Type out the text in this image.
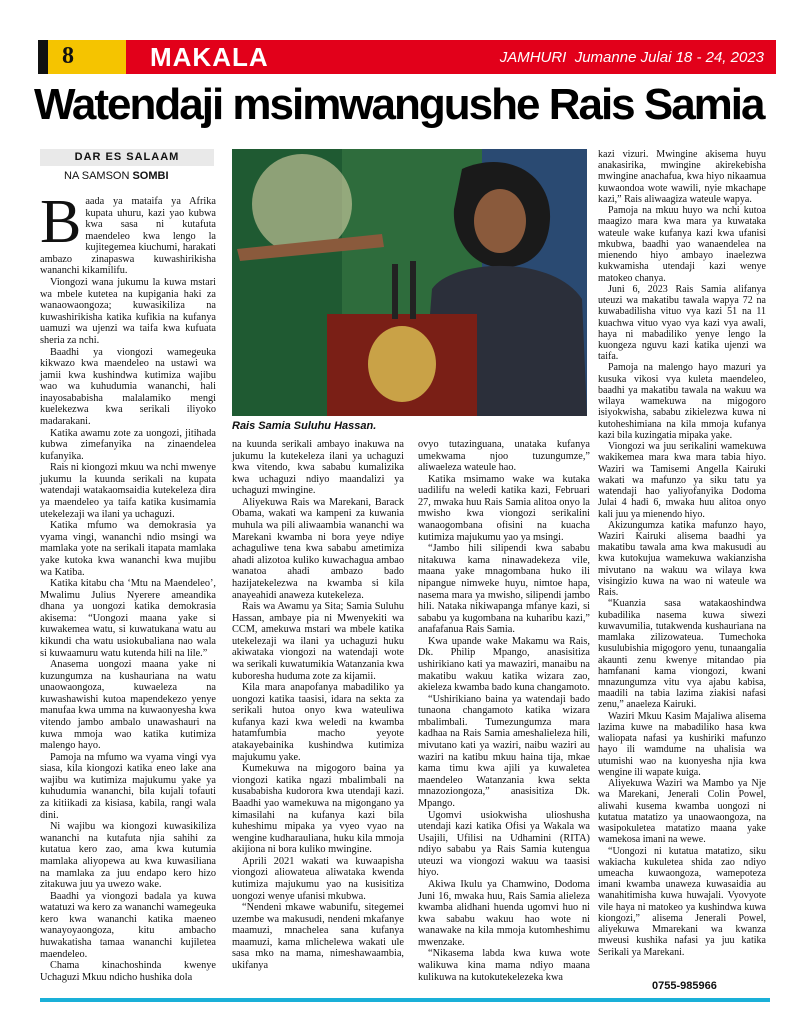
8	MAKALA	JAMHURI Jumanne Julai 18 - 24, 2023
Watendaji msimwangushe Rais Samia
DAR ES SALAAM
NA SAMSON SOMBI
Rais Samia Suluhu Hassan.

Baada ya mataifa ya Afrika kupata uhuru, kazi yao kubwa kwa sasa ni kutafuta maendeleo kwa lengo la kujitegemea kiuchumi, harakati ambazo zinapaswa kuwashirikisha wananchi kikamilifu.

Viongozi wana jukumu la kuwa mstari wa mbele kutetea na kupigania haki za wanaowaongoza; kuwasikiliza na kuwashirikisha katika kufikia na kufanya uamuzi wa ujenzi wa taifa kwa kufuata sheria za nchi.

Baadhi ya viongozi wamegeuka kikwazo kwa maendeleo na ustawi wa jamii kwa kushindwa kutimiza wajibu wao wa kuhudumia wananchi, hali inayosababisha malalamiko mengi kuelekezwa kwa serikali iliyoko madarakani.

Katika awamu zote za uongozi, jitihada kubwa zimefanyika na zinaendelea kufanyika.

Rais ni kiongozi mkuu wa nchi mwenye jukumu la kuunda serikali na kupata watendaji watakaomsaidia kutekeleza dira ya maendeleo ya taifa katika kusimamia utekelezaji wa ilani ya uchaguzi.

Katika mfumo wa demokrasia ya vyama vingi, wananchi ndio msingi wa mamlaka yote na serikali itapata mamlaka yake kutoka kwa wananchi kwa mujibu wa Katiba.

Katika kitabu cha ‘Mtu na Maendeleo’, Mwalimu Julius Nyerere ameandika dhana ya uongozi katika demokrasia akisema: “Uongozi maana yake si kuwakemea watu, si kuwatukana watu au kikundi cha watu usiokubaliana nao wala si kuwaamuru watu kutenda hili na lile.”

Anasema uongozi maana yake ni kuzungumza na kushauriana na watu unaowaongoza, kuwaeleza na kuwashawishi kutoa mapendekezo yenye manufaa kwa umma na kuwaonyesha kwa vitendo jambo ambalo unawashauri na kuwa mmoja wao katika kutimiza malengo hayo.

Pamoja na mfumo wa vyama vingi vya siasa, kila kiongozi katika eneo lake ana wajibu wa kutimiza majukumu yake ya kuhudumia wananchi, bila kujali tofauti za kitiikadi za kisiasa, kabila, rangi wala dini.

Ni wajibu wa kiongozi kuwasikiliza wananchi na kutafuta njia sahihi za kutatua kero zao, ama kwa kutumia mamlaka aliyopewa au kwa kuwasiliana na mamlaka za juu endapo kero hizo zitakuwa juu ya uwezo wake.

Baadhi ya viongozi badala ya kuwa watatuzi wa kero za wananchi wamegeuka kero kwa wananchi katika maeneo wanayoyaongoza, kitu ambacho huwakatisha tamaa wananchi kujiletea maendeleo.

Chama kinachoshinda kwenye Uchaguzi Mkuu ndicho hushika dola

na kuunda serikali ambayo inakuwa na jukumu la kutekeleza ilani ya uchaguzi kwa vitendo, kwa sababu kumalizika kwa uchaguzi ndiyo maandalizi ya uchaguzi mwingine.

Aliyekuwa Rais wa Marekani, Barack Obama, wakati wa kampeni za kuwania muhula wa pili aliwaambia wananchi wa Marekani kwamba ni bora yeye ndiye achaguliwe tena kwa sababu ametimiza ahadi alizotoa kuliko kuwachagua ambao wanatoa ahadi ambazo bado hazijatekelezwa na kwamba si kila anayeahidi anaweza kutekeleza.

Rais wa Awamu ya Sita; Samia Suluhu Hassan, ambaye pia ni Mwenyekiti wa CCM, amekuwa mstari wa mbele katika utekelezaji wa ilani ya uchaguzi huku akiwataka viongozi na watendaji wote wa serikali kuwatumikia Watanzania kwa kuboresha huduma zote za kijamii.

Kila mara anapofanya mabadiliko ya uongozi katika taasisi, idara na sekta za serikali hutoa onyo kwa wateuliwa kufanya kazi kwa weledi na kwamba hatamfumbia macho yeyote atakayebainika kushindwa kutimiza majukumu yake.

Kumekuwa na migogoro baina ya viongozi katika ngazi mbalimbali na kusababisha kudorora kwa utendaji kazi. Baadhi yao wamekuwa na migongano ya kimasilahi na kufanya kazi bila kuheshimu mipaka ya vyeo vyao na wengine kudharauliana, huku kila mmoja akijiona ni bora kuliko mwingine.

Aprili 2021 wakati wa kuwaapisha viongozi aliowateua aliwataka kwenda kutimiza majukumu yao na kusisitiza uongozi wenye ufanisi mkubwa.

“Nendeni mkawe wabunifu, sitegemei uzembe wa makusudi, nendeni mkafanye maamuzi, mnachelea sana kufanya maamuzi, kama mlichelewa wakati ule sasa mko na mama, nimeshawaambia, ukifanya

ovyo tutazinguana, unataka kufanya umekwama njoo tuzungumze,” aliwaeleza wateule hao.

Katika msimamo wake wa kutaka uadilifu na weledi katika kazi, Februari 27, mwaka huu Rais Samia alitoa onyo la mwisho kwa viongozi serikalini wanaogombana ofisini na kuacha kutimiza majukumu yao ya msingi.

“Jambo hili silipendi kwa sababu nitakuwa kama ninawadekeza vile, maana yake mnagombana huko ili nipangue nimweke huyu, nimtoe hapa, nasema mara ya mwisho, silipendi jambo hili. Nataka nikiwapanga mfanye kazi, si sababu ya kugombana na kuharibu kazi,” anafafanua Rais Samia.

Kwa upande wake Makamu wa Rais, Dk. Philip Mpango, anasisitiza ushirikiano kati ya mawaziri, manaibu na makatibu wakuu katika wizara zao, akieleza kwamba bado kuna changamoto.

“Ushirikiano baina ya watendaji bado tunaona changamoto katika wizara mbalimbali. Tumezungumza mara kadhaa na Rais Samia ameshalieleza hili, mivutano kati ya waziri, naibu waziri au waziri na katibu mkuu haina tija, mkae kama timu kwa ajili ya kuwaletea maendeleo Watanzania kwa sekta mnazoziongoza,” anasisitiza Dk. Mpango.

Ugomvi usiokwisha ulioshusha utendaji kazi katika Ofisi ya Wakala wa Usajili, Ufilisi na Udhamini (RITA) ndiyo sababu ya Rais Samia kutengua uteuzi wa viongozi wakuu wa taasisi hiyo.

Akiwa Ikulu ya Chamwino, Dodoma Juni 16, mwaka huu, Rais Samia alieleza kwamba alidhani huenda ugomvi huo ni kwa sababu wakuu hao wote ni wanawake na kila mmoja kutomheshimu mwenzake.

“Nikasema labda kwa kuwa wote walikuwa kina mama ndiyo maana kulikuwa na kutokutekelezeka kwa

kazi vizuri. Mwingine akisema huyu anakasirika, mwingine akirekebisha mwingine anachafua, kwa hiyo nikaamua kuwaondoa wote wawili, nyie mkachape kazi,” Rais aliwaagiza wateule wapya.

Pamoja na mkuu huyo wa nchi kutoa maagizo mara kwa mara ya kuwataka wateule wake kufanya kazi kwa ufanisi mkubwa, baadhi yao wanaendelea na mienendo hiyo ambayo inaelezwa kukwamisha utendaji kazi wenye matokeo chanya.

Juni 6, 2023 Rais Samia alifanya uteuzi wa makatibu tawala wapya 72 na kuwabadilisha vituo vya kazi 51 na 11 kuachwa vituo vyao vya kazi vya awali, haya ni mabadiliko yenye lengo la kuongeza nguvu kazi katika ujenzi wa taifa.

Pamoja na malengo hayo mazuri ya kusuka vikosi vya kuleta maendeleo, baadhi ya makatibu tawala na wakuu wa wilaya wamekuwa na migogoro isiyokwisha, sababu zikielezwa kuwa ni kutoheshimiana na kila mmoja kufanya kazi bila kuzingatia mipaka yake.

Viongozi wa juu serikalini wamekuwa wakikemea mara kwa mara tabia hiyo. Waziri wa Tamisemi Angella Kairuki wakati wa mafunzo ya siku tatu ya watendaji hao yaliyofanyika Dodoma Julai 4 hadi 6, mwaka huu alitoa onyo kali juu ya mienendo hiyo.

Akizungumza katika mafunzo hayo, Waziri Kairuki alisema baadhi ya makatibu tawala ama kwa makusudi au kwa kutokujua wamekuwa wakianzisha mivutano na wakuu wa wilaya kwa visingizio kuwa na wao ni wateule wa Rais.

“Kuanzia sasa watakaoshindwa kubadilika nasema kuwa siwezi kuwavumilia, tutakwenda kushauriana na mamlaka zilizowateua. Tumechoka kusulubishia migogoro yenu, tunaangalia akaunti zenu kwenye mitandao pia hamfanani kama viongozi, kwani mnazungumza vitu vya ajabu kabisa, maadili na tabia lazima ziakisi nafasi zenu,” anaeleza Kairuki.

Waziri Mkuu Kasim Majaliwa alisema lazima kuwe na mabadiliko hasa kwa waliopata nafasi ya kushiriki mafunzo hayo ili wamdume na uhalisia wa utumishi wao na kuonyesha njia kwa wengine ili wapate kuiga.

Aliyekuwa Waziri wa Mambo ya Nje wa Marekani, Jenerali Colin Powel, aliwahi kusema kwamba uongozi ni kutatua matatizo ya unaowaongoza, na wasipokuletea matatizo maana yake wamekosa imani na wewe.

“Uongozi ni kutatua matatizo, siku wakiacha kukuletea shida zao ndiyo umeacha kuwaongoza, wamepoteza imani kwamba unaweza kuwasaidia au wanahitimisha kuwa huwajali. Vyovyote vile haya ni matokeo ya kushindwa kuwa kiongozi,” alisema Jenerali Powel, aliyekuwa Mmarekani wa kwanza mweusi kushika nafasi ya juu katika Serikali ya Marekani.

0755-985966
